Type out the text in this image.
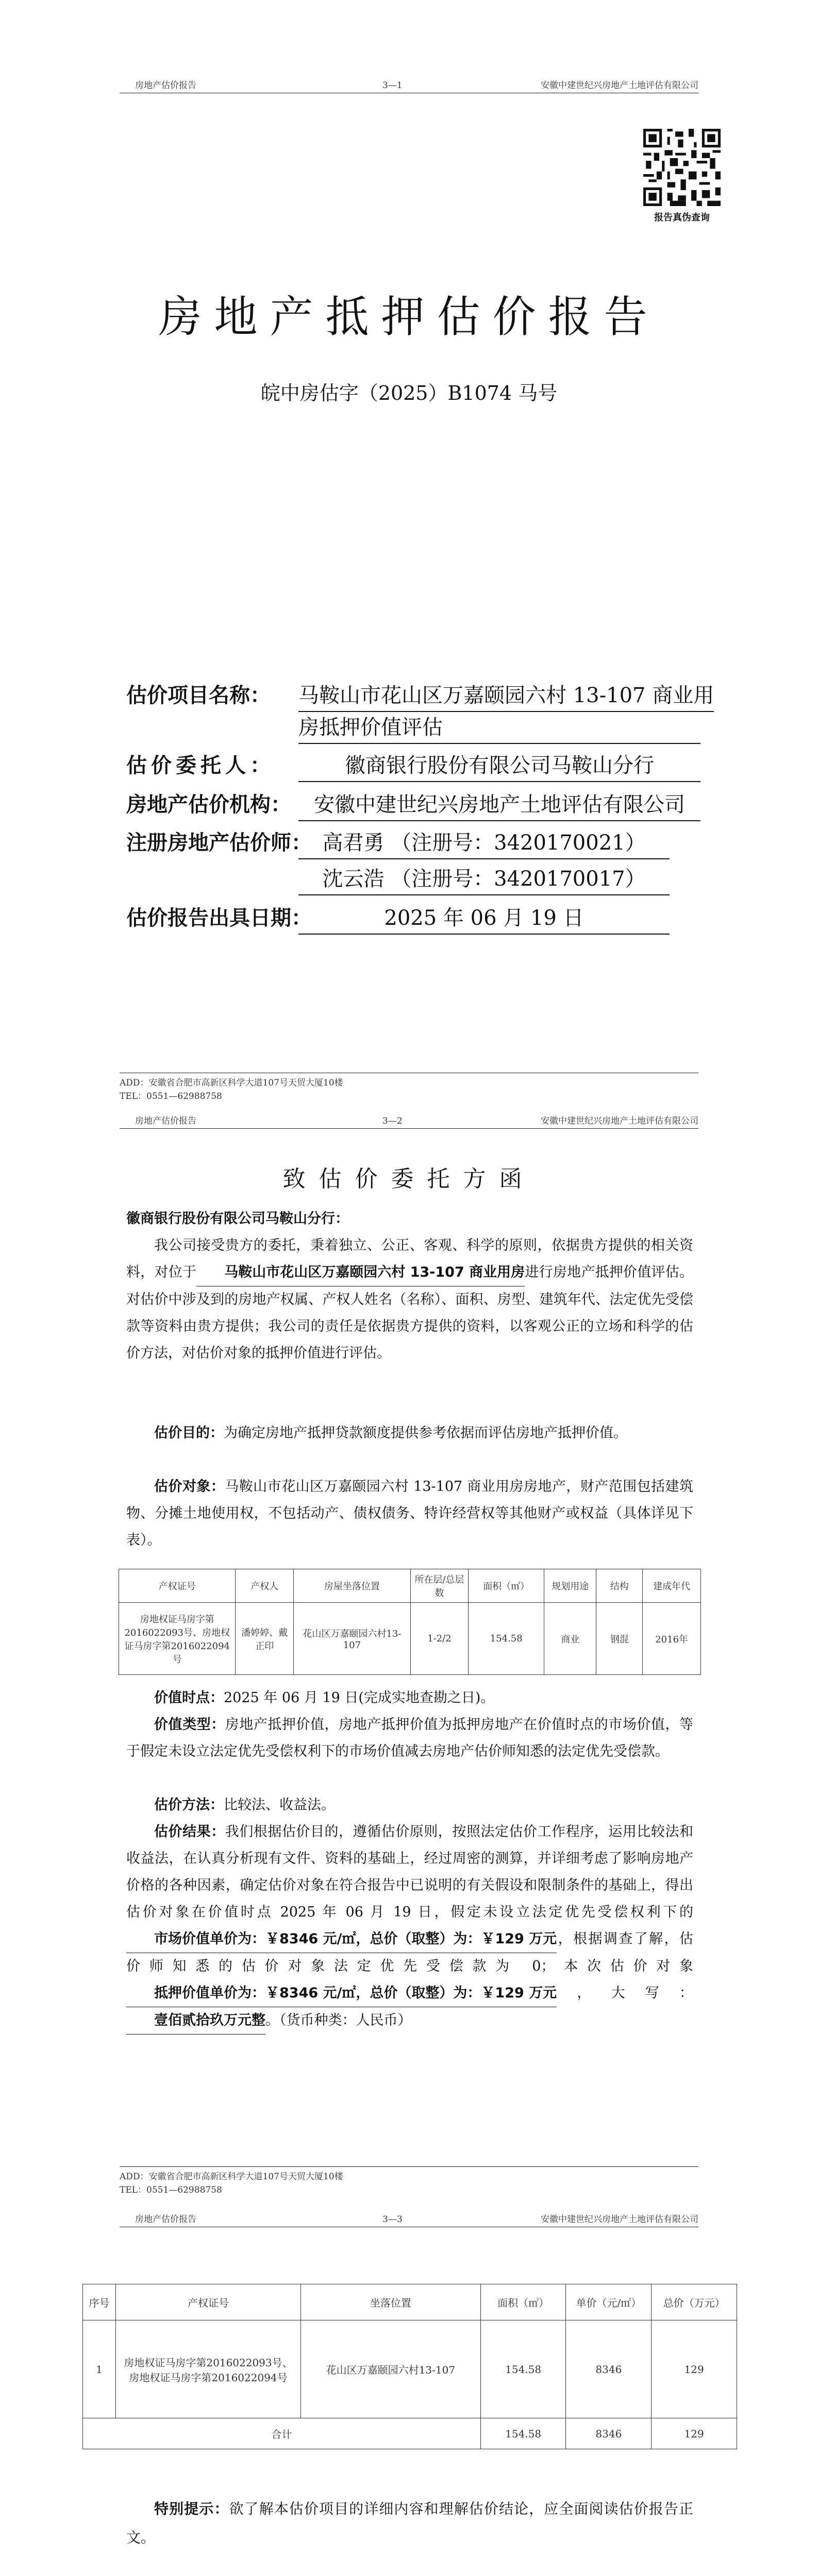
房地产估价报告	3—1	安徽中建世纪兴房地产土地评估有限公司
报告真伪查询
房地产抵押估价报告
皖中房估字（2025）B1074 马号
估价项目名称： 马鞍山市花山区万嘉颐园六村 13-107 商业用
房抵押价值评估
估价委托人：	徽商银行股份有限公司马鞍山分行
房地产估价机构：	安徽中建世纪兴房地产土地评估有限公司
注册房地产估价师： 高君勇 （注册号：3420170021）
沈云浩 （注册号：3420170017）
估价报告出具日期：	2025 年 06 月 19 日
ADD：安徽省合肥市高新区科学大道107号天贸大厦10楼
TEL：0551—62988758
房地产估价报告	3—2	安徽中建世纪兴房地产土地评估有限公司
致估价委托方函
徽商银行股份有限公司马鞍山分行：
我公司接受贵方的委托，秉着独立、公正、客观、科学的原则，依据贵方提供的相关资料，对位于 马鞍山市花山区万嘉颐园六村 13-107 商业用房进行房地产抵押价值评估。对估价中涉及到的房地产权属、产权人姓名（名称）、面积、房型、建筑年代、法定优先受偿款等资料由贵方提供；我公司的责任是依据贵方提供的资料，以客观公正的立场和科学的估价方法，对估价对象的抵押价值进行评估。
估价目的：为确定房地产抵押贷款额度提供参考依据而评估房地产抵押价值。
估价对象：马鞍山市花山区万嘉颐园六村 13-107 商业用房房地产，财产范围包括建筑物、分摊土地使用权，不包括动产、债权债务、特许经营权等其他财产或权益（具体详见下表）。
产权证号	产权人	房屋坐落位置	所在层/总层数	面积（㎡）	规划用途	结构	建成年代
房地权证马房字第2016022093号、房地权证马房字第2016022094号	潘婷婷、戴正印	花山区万嘉颐园六村13-107	1-2/2	154.58	商业	钢混	2016年
价值时点：2025 年 06 月 19 日(完成实地查勘之日)。
价值类型：房地产抵押价值，房地产抵押价值为抵押房地产在价值时点的市场价值，等于假定未设立法定优先受偿权利下的市场价值减去房地产估价师知悉的法定优先受偿款。
估价方法：比较法、收益法。
估价结果：我们根据估价目的，遵循估价原则，按照法定估价工作程序，运用比较法和收益法，在认真分析现有文件、资料的基础上，经过周密的测算，并详细考虑了影响房地产价格的各种因素，确定估价对象在符合报告中已说明的有关假设和限制条件的基础上，得出估价对象在价值时点 2025 年 06 月 19 日，假定未设立法定优先受偿权利下的市场价值单价为：￥8346 元/㎡，总价（取整）为：￥129 万元，根据调查了解，估价师知悉的估价对象法定优先受偿款为 0；本次估价对象抵押价值单价为：￥8346 元/㎡，总价（取整）为：￥129 万元，大写：壹佰贰拾玖万元整。（货币种类：人民币）
ADD：安徽省合肥市高新区科学大道107号天贸大厦10楼
TEL：0551—62988758
房地产估价报告	3—3	安徽中建世纪兴房地产土地评估有限公司
序号	产权证号	坐落位置	面积（㎡）	单价（元/㎡）	总价（万元）
1	房地权证马房字第2016022093号、房地权证马房字第2016022094号	花山区万嘉颐园六村13-107	154.58	8346	129
合计			154.58	8346	129
特别提示：欲了解本估价项目的详细内容和理解估价结论，应全面阅读估价报告正文。
